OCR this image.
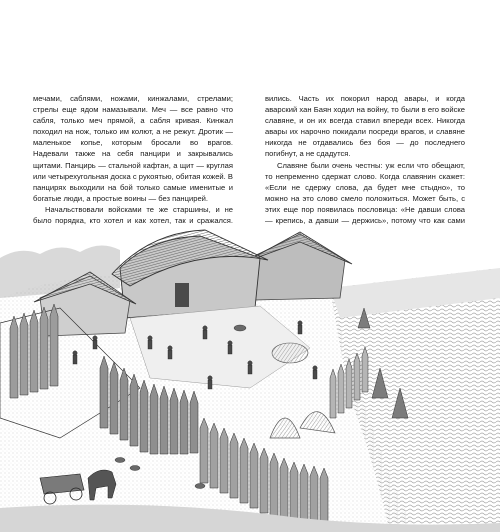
мечами, саблями, ножами, кинжалами, стрелами; стрелы еще ядом намазывали. Меч — все равно что сабля, только меч прямой, а сабля кривая. Кинжал походил на нож, только им колют, а не режут. Дротик — маленькое копье, которым бросали во врагов. Надевали также на себя панцири и закрывались щитами. Панцирь — стальной кафтан, а щит — круглая или четырехугольная доска с рукоятью, обитая кожей. В панцирях выходили на бой только самые именитые и богатые люди, а простые воины — без панцирей.

Начальствовали войсками те же старшины, и не было порядка, кто хотел и как хотел, так и сражался.

вились. Часть их покорил народ авары, и когда аварский хан Баян ходил на войну, то были в его войске славяне, и он их всегда ставил впереди всех. Никогда авары их нарочно покидали посреди врагов, и славяне никогда не отдавались без боя — до последнего погибнут, а не сдадутся.

Славяне были очень честны: уж если что обещают, то непременно сдержат слово. Когда славянин скажет: «Если не сдержу слова, да будет мне стыдно», то можно на это слово смело положиться. Может быть, с этих еще пор появилась пословица: «Не давши слова — крепись, а давши — держись», потому что как сами
